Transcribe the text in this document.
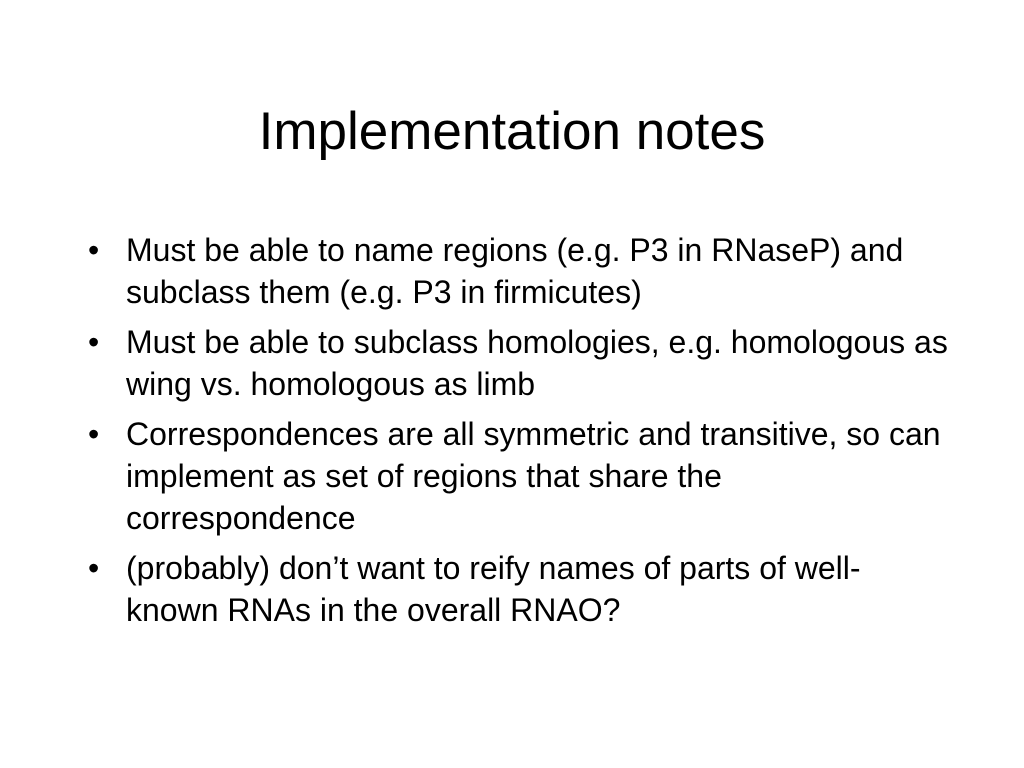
Implementation notes
• Must be able to name regions (e.g. P3 in RNaseP) and subclass them (e.g. P3 in firmicutes)
• Must be able to subclass homologies, e.g. homologous as wing vs. homologous as limb
• Correspondences are all symmetric and transitive, so can implement as set of regions that share the correspondence
• (probably) don’t want to reify names of parts of well-known RNAs in the overall RNAO?
